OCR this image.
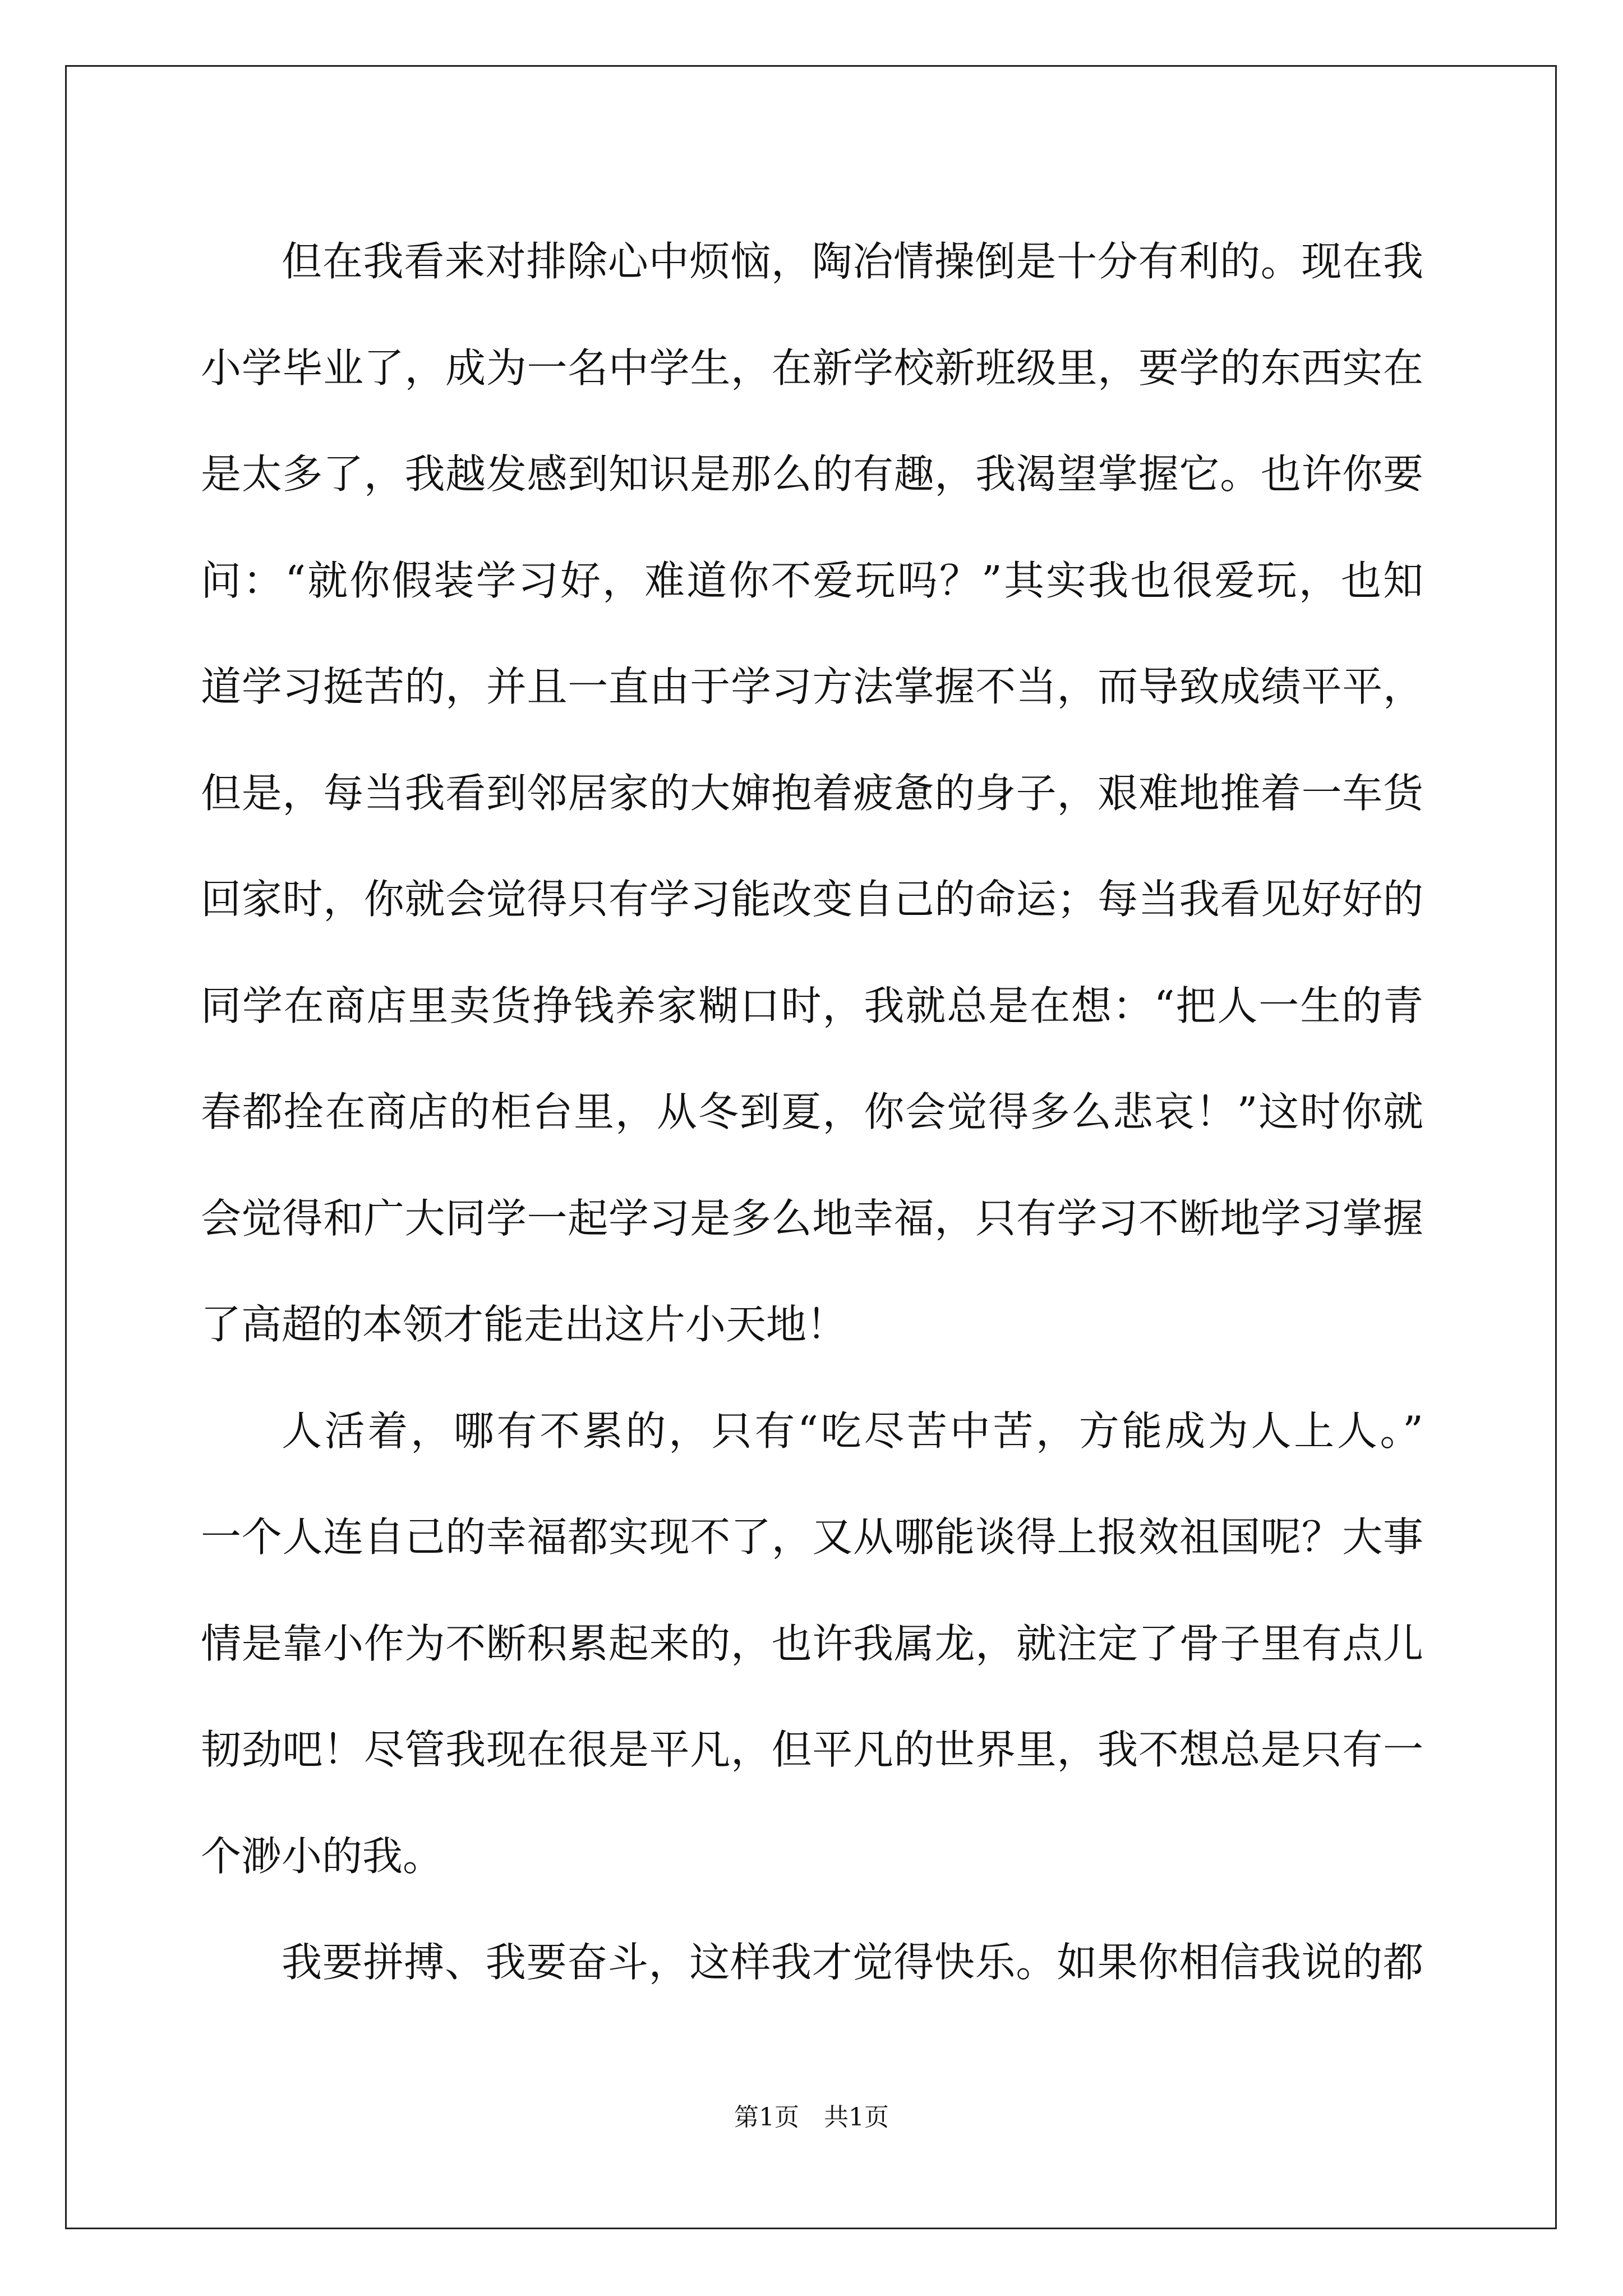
但在我看来对排除心中烦恼，陶冶情操倒是十分有利的。现在我
小学毕业了，成为一名中学生，在新学校新班级里，要学的东西实在
是太多了，我越发感到知识是那么的有趣，我渴望掌握它。也许你要
问：“就你假装学习好，难道你不爱玩吗？”其实我也很爱玩，也知
道学习挺苦的，并且一直由于学习方法掌握不当，而导致成绩平平，
但是，每当我看到邻居家的大婶抱着疲惫的身子，艰难地推着一车货
回家时，你就会觉得只有学习能改变自己的命运；每当我看见好好的
同学在商店里卖货挣钱养家糊口时，我就总是在想：“把人一生的青
春都拴在商店的柜台里，从冬到夏，你会觉得多么悲哀！”这时你就
会觉得和广大同学一起学习是多么地幸福，只有学习不断地学习掌握
了高超的本领才能走出这片小天地！
人活着，哪有不累的，只有“吃尽苦中苦，方能成为人上人。”
一个人连自己的幸福都实现不了，又从哪能谈得上报效祖国呢？大事
情是靠小作为不断积累起来的，也许我属龙，就注定了骨子里有点儿
韧劲吧！尽管我现在很是平凡，但平凡的世界里，我不想总是只有一
个渺小的我。
我要拼搏、我要奋斗，这样我才觉得快乐。如果你相信我说的都
第1页 共1页
